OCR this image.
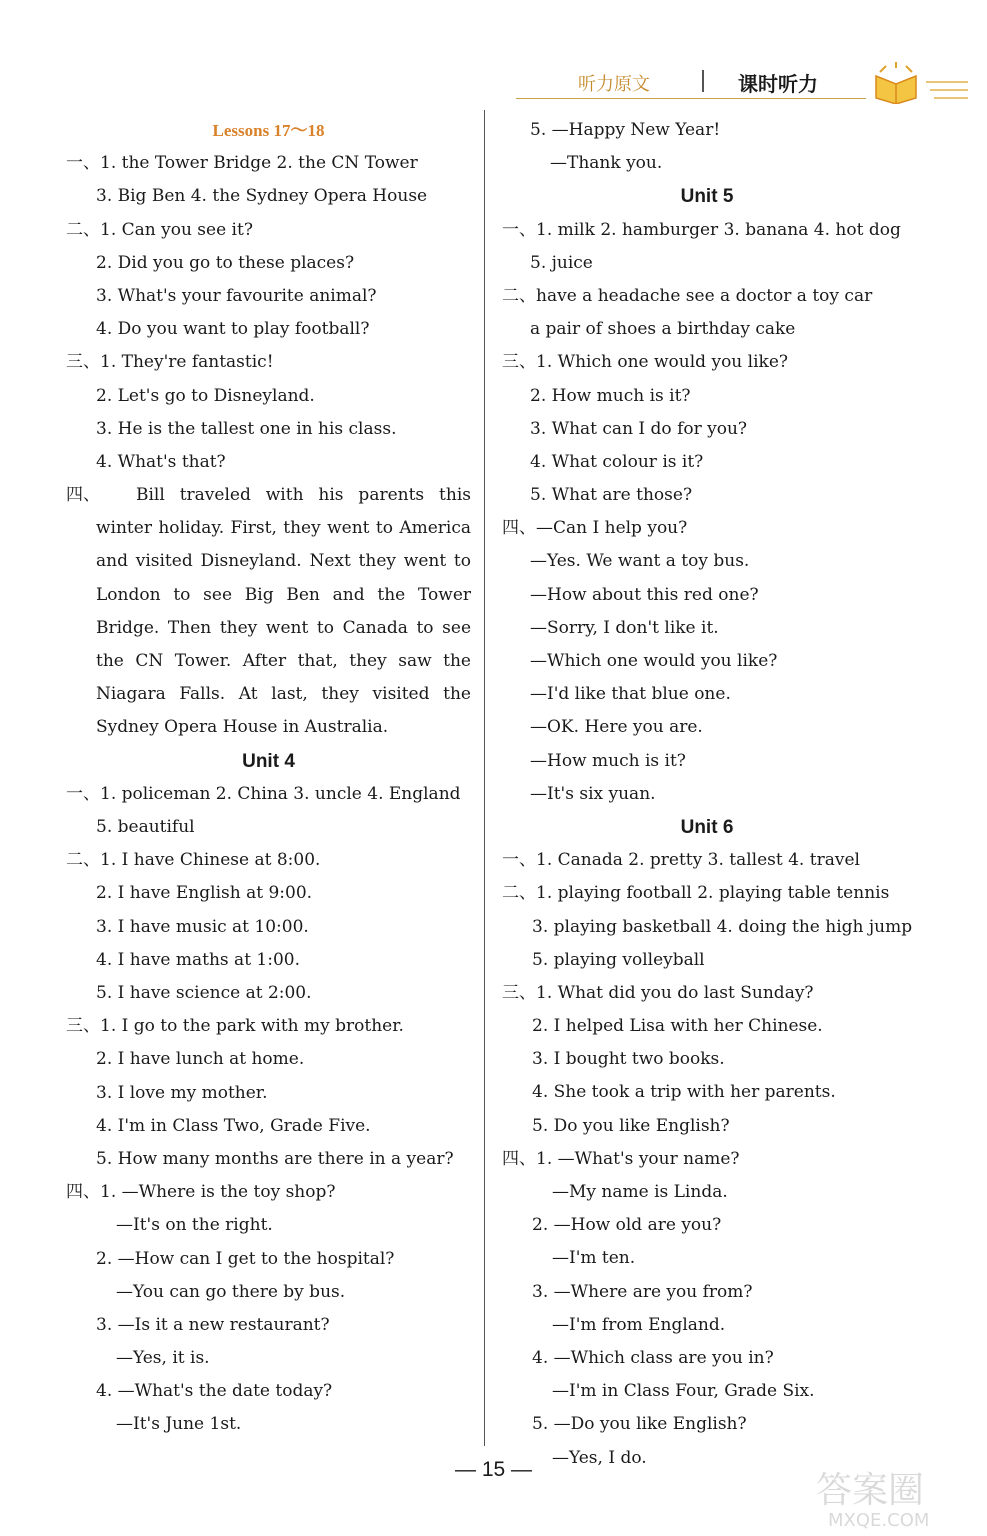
听力原文	课时听力
Lessons 17～18
一、1. the Tower Bridge 2. the CN Tower
3. Big Ben 4. the Sydney Opera House
二、1. Can you see it?
2. Did you go to these places?
3. What's your favourite animal?
4. Do you want to play football?
三、1. They're fantastic!
2. Let's go to Disneyland.
3. He is the tallest one in his class.
4. What's that?
四、	Bill traveled with his parents this winter holiday. First, they went to America and visited Disneyland. Next they went to London to see Big Ben and the Tower Bridge. Then they went to Canada to see the CN Tower. After that, they saw the Niagara Falls. At last, they visited the Sydney Opera House in Australia.
Unit 4
一、1. policeman 2. China 3. uncle 4. England
5. beautiful
二、1. I have Chinese at 8:00.
2. I have English at 9:00.
3. I have music at 10:00.
4. I have maths at 1:00.
5. I have science at 2:00.
三、1. I go to the park with my brother.
2. I have lunch at home.
3. I love my mother.
4. I'm in Class Two, Grade Five.
5. How many months are there in a year?
四、1. —Where is the toy shop?
—It's on the right.
2. —How can I get to the hospital?
—You can go there by bus.
3. —Is it a new restaurant?
—Yes, it is.
4. —What's the date today?
—It's June 1st.
5. —Happy New Year!
—Thank you.
Unit 5
一、1. milk 2. hamburger 3. banana 4. hot dog
5. juice
二、have a headache see a doctor a toy car
a pair of shoes a birthday cake
三、1. Which one would you like?
2. How much is it?
3. What can I do for you?
4. What colour is it?
5. What are those?
四、—Can I help you?
—Yes. We want a toy bus.
—How about this red one?
—Sorry, I don't like it.
—Which one would you like?
—I'd like that blue one.
—OK. Here you are.
—How much is it?
—It's six yuan.
Unit 6
一、1. Canada 2. pretty 3. tallest 4. travel
二、1. playing football 2. playing table tennis
3. playing basketball 4. doing the high jump
5. playing volleyball
三、1. What did you do last Sunday?
2. I helped Lisa with her Chinese.
3. I bought two books.
4. She took a trip with her parents.
5. Do you like English?
四、1. —What's your name?
—My name is Linda.
2. —How old are you?
—I'm ten.
3. —Where are you from?
—I'm from England.
4. —Which class are you in?
—I'm in Class Four, Grade Six.
5. —Do you like English?
—Yes, I do.
— 15 —
答案圈
MXQE.COM
